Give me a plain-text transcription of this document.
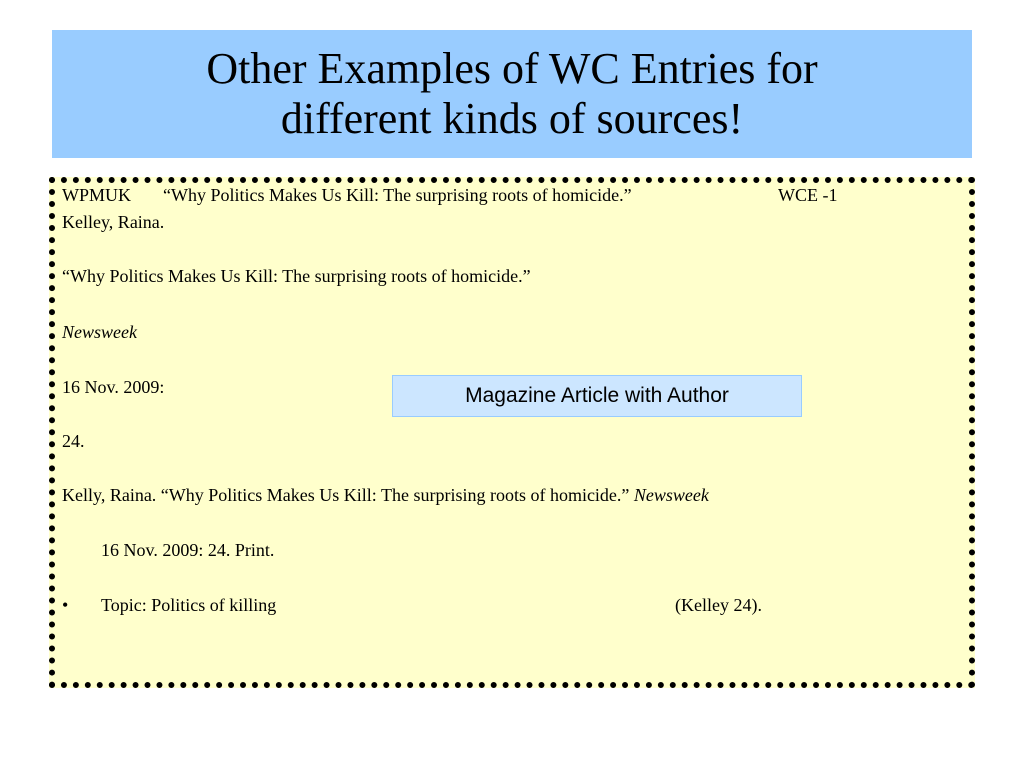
Other Examples of WC Entries for
different kinds of sources!
WPMUK “Why Politics Makes Us Kill: The surprising roots of homicide.”	WCE -1
Kelley, Raina.
“Why Politics Makes Us Kill: The surprising roots of homicide.”
Newsweek
16 Nov. 2009:
24.
Kelly, Raina. “Why Politics Makes Us Kill: The surprising roots of homicide.” Newsweek
16 Nov. 2009: 24. Print.
• Topic: Politics of killing	(Kelley 24).
Magazine Article with Author
